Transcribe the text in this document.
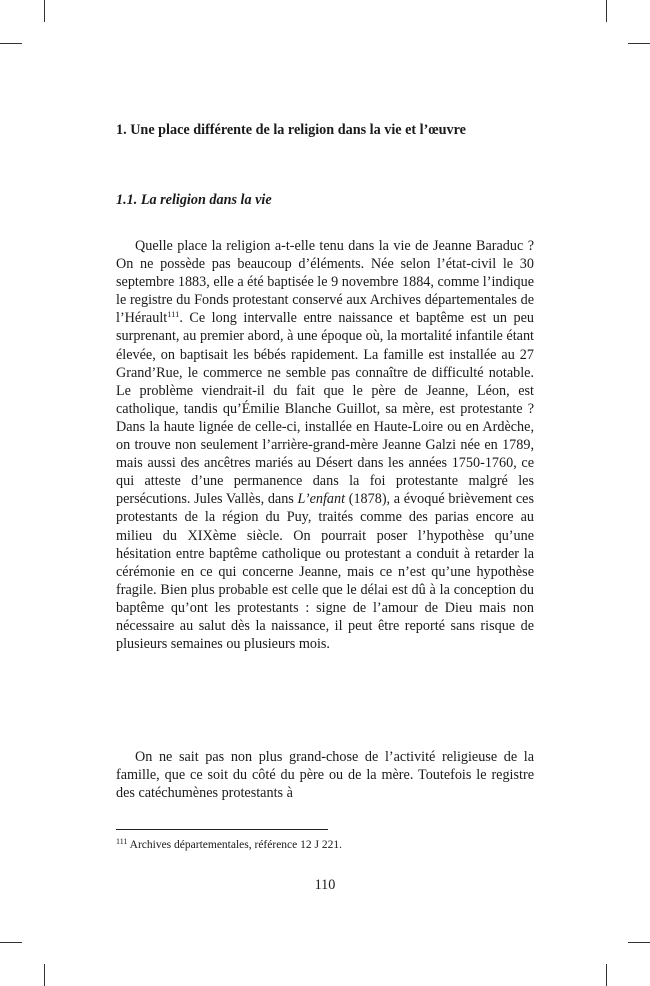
1. Une place différente de la religion dans la vie et l’œuvre
1.1. La religion dans la vie

Quelle place la religion a-t-elle tenu dans la vie de Jeanne Baraduc ? On ne possède pas beaucoup d’éléments. Née selon l’état-civil le 30 septembre 1883, elle a été baptisée le 9 novembre 1884, comme l’indique le registre du Fonds protestant conservé aux Archives départementales de l’Hérault$^{111}$. Ce long intervalle entre naissance et baptême est un peu surprenant, au premier abord, à une époque où, la mortalité infantile étant élevée, on baptisait les bébés rapidement. La famille est installée au 27 Grand’Rue, le commerce ne semble pas connaître de difficulté notable. Le problème viendrait-il du fait que le père de Jeanne, Léon, est catholique, tandis qu’Émilie Blanche Guillot, sa mère, est protestante ? Dans la haute lignée de celle-ci, installée en Haute-Loire ou en Ardèche, on trouve non seulement l’arrière-grand-mère Jeanne Galzi née en 1789, mais aussi des ancêtres mariés au Désert dans les années 1750-1760, ce qui atteste d’une permanence dans la foi protestante malgré les persécutions. Jules Vallès, dans L’enfant (1878), a évoqué brièvement ces protestants de la région du Puy, traités comme des parias encore au milieu du XIXème siècle. On pourrait poser l’hypothèse qu’une hésitation entre baptême catholique ou protestant a conduit à retarder la cérémonie en ce qui concerne Jeanne, mais ce n’est qu’une hypothèse fragile. Bien plus probable est celle que le délai est dû à la conception du baptême qu’ont les protestants : signe de l’amour de Dieu mais non nécessaire au salut dès la naissance, il peut être reporté sans risque de plusieurs semaines ou plusieurs mois.

On ne sait pas non plus grand-chose de l’activité religieuse de la famille, que ce soit du côté du père ou de la mère. Toutefois le registre des catéchumènes protestants à

$^{111}$ Archives départementales, référence 12 J 221.
110
